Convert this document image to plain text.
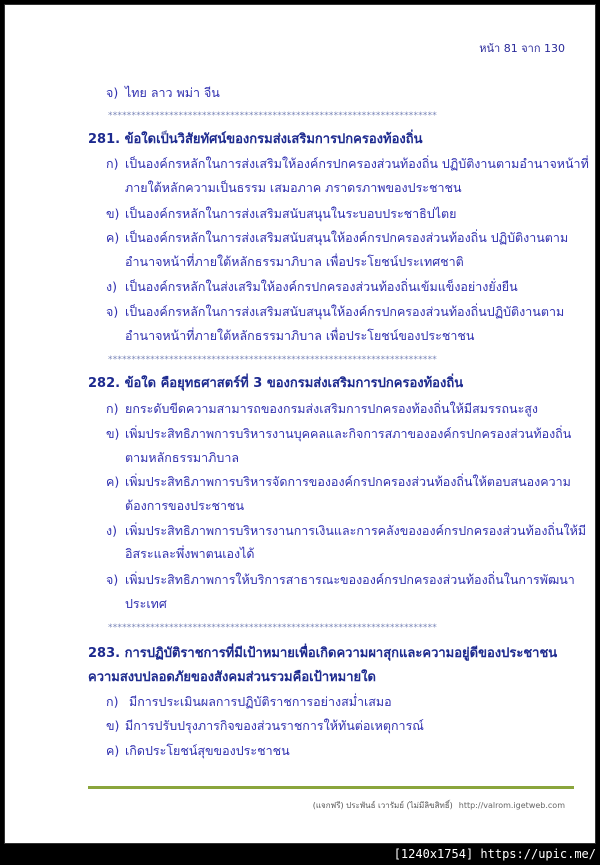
หน้า 81 จาก 130
จ) ไทย ลาว พม่า จีน
**********************************************************************
281. ข้อใดเป็นวิสัยทัศน์ของกรมส่งเสริมการปกครองท้องถิ่น
ก) เป็นองค์กรหลักในการส่งเสริมให้องค์กรปกครองส่วนท้องถิ่น ปฏิบัติงานตามอำนาจหน้าที่
ภายใต้หลักความเป็นธรรม เสมอภาค ภราดรภาพของประชาชน
ข) เป็นองค์กรหลักในการส่งเสริมสนับสนุนในระบอบประชาธิปไตย
ค) เป็นองค์กรหลักในการส่งเสริมสนับสนุนให้องค์กรปกครองส่วนท้องถิ่น ปฏิบัติงานตาม
อำนาจหน้าที่ภายใต้หลักธรรมาภิบาล เพื่อประโยชน์ประเทศชาติ
ง) เป็นองค์กรหลักในส่งเสริมให้องค์กรปกครองส่วนท้องถิ่นเข้มแข็งอย่างยั่งยืน
จ) เป็นองค์กรหลักในการส่งเสริมสนับสนุนให้องค์กรปกครองส่วนท้องถิ่นปฏิบัติงานตาม
อำนาจหน้าที่ภายใต้หลักธรรมาภิบาล เพื่อประโยชน์ของประชาชน
**********************************************************************
282. ข้อใด คือยุทธศาสตร์ที่ 3 ของกรมส่งเสริมการปกครองท้องถิ่น
ก) ยกระดับขีดความสามารถของกรมส่งเสริมการปกครองท้องถิ่นให้มีสมรรถนะสูง
ข) เพิ่มประสิทธิภาพการบริหารงานบุคคลและกิจการสภาขององค์กรปกครองส่วนท้องถิ่น
ตามหลักธรรมาภิบาล
ค) เพิ่มประสิทธิภาพการบริหารจัดการขององค์กรปกครองส่วนท้องถิ่นให้ตอบสนองความ
ต้องการของประชาชน
ง) เพิ่มประสิทธิภาพการบริหารงานการเงินและการคลังขององค์กรปกครองส่วนท้องถิ่นให้มี
อิสระและพึ่งพาตนเองได้
จ) เพิ่มประสิทธิภาพการให้บริการสาธารณะขององค์กรปกครองส่วนท้องถิ่นในการพัฒนา
ประเทศ
**********************************************************************
283. การปฏิบัติราชการที่มีเป้าหมายเพื่อเกิดความผาสุกและความอยู่ดีของประชาชน
ความสงบปลอดภัยของสังคมส่วนรวมคือเป้าหมายใด
ก) มีการประเมินผลการปฏิบัติราชการอย่างสม่ำเสมอ
ข) มีการปรับปรุงภารกิจของส่วนราชการให้ทันต่อเหตุการณ์
ค) เกิดประโยชน์สุขของประชาชน
(แจกฟรี) ประพันธ์ เวารัมย์ (ไม่มีลิขสิทธิ์) http://valrom.igetweb.com
[1240x1754] https://upic.me/
